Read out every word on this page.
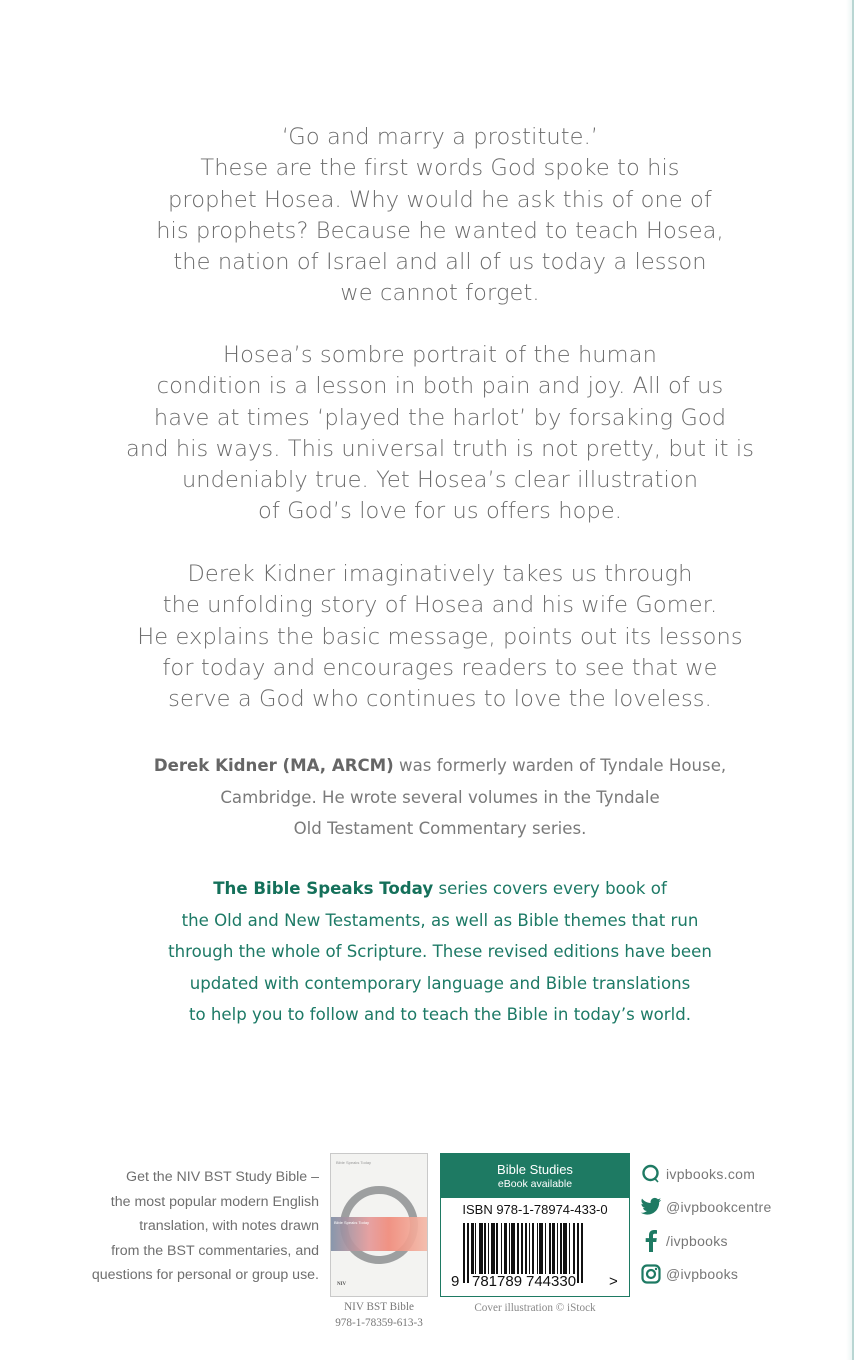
‘Go and marry a prostitute.’
These are the first words God spoke to his
prophet Hosea. Why would he ask this of one of
his prophets? Because he wanted to teach Hosea,
the nation of Israel and all of us today a lesson
we cannot forget.
Hosea’s sombre portrait of the human
condition is a lesson in both pain and joy. All of us
have at times ‘played the harlot’ by forsaking God
and his ways. This universal truth is not pretty, but it is
undeniably true. Yet Hosea’s clear illustration
of God’s love for us offers hope.
Derek Kidner imaginatively takes us through
the unfolding story of Hosea and his wife Gomer.
He explains the basic message, points out its lessons
for today and encourages readers to see that we
serve a God who continues to love the loveless.
Derek Kidner (MA, ARCM) was formerly warden of Tyndale House,
Cambridge. He wrote several volumes in the Tyndale
Old Testament Commentary series.
The Bible Speaks Today series covers every book of
the Old and New Testaments, as well as Bible themes that run
through the whole of Scripture. These revised editions have been
updated with contemporary language and Bible translations
to help you to follow and to teach the Bible in today’s world.
Get the NIV BST Study Bible –
the most popular modern English
translation, with notes drawn
from the BST commentaries, and
questions for personal or group use.
Bible Speaks Today
Bible Speaks Today
NIV
NIV BST Bible
978-1-78359-613-3
Bible Studies
eBook available
ISBN 978-1-78974-433-0
9 781789 744330 >
Cover illustration © iStock
ivpbooks.com
@ivpbookcentre
/ivpbooks
@ivpbooks
